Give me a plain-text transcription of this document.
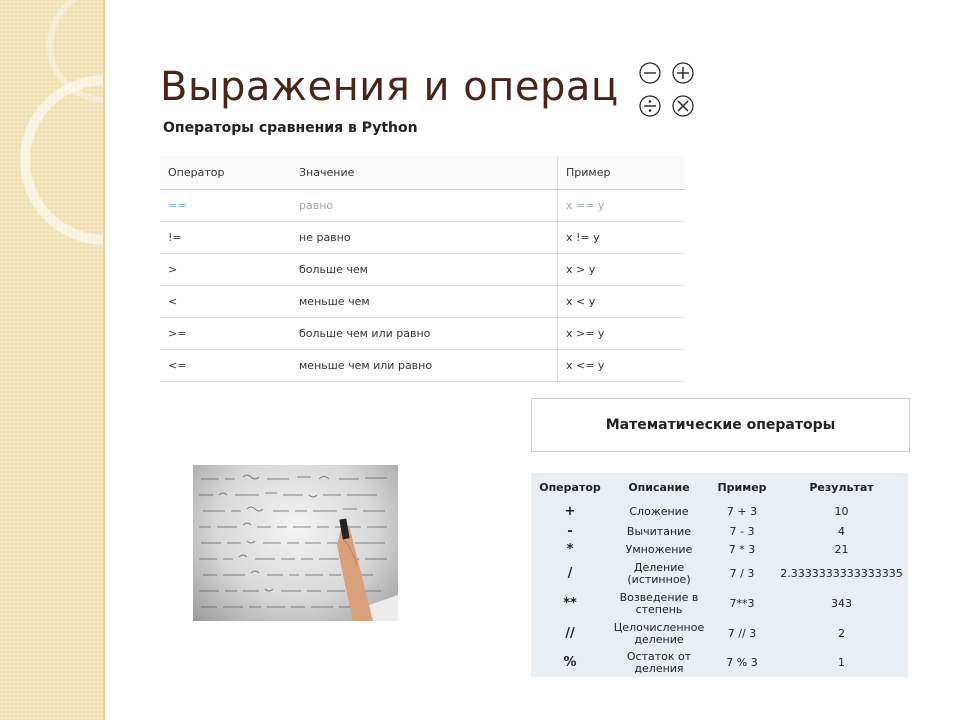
Выражения и операц
Операторы сравнения в Python
Оператор	Значение	Пример
==	равно	x == y
!=	не равно	x != y
>	больше чем	x > y
<	меньше чем	x < y
>=	больше чем или равно	x >= y
<=	меньше чем или равно	x <= y
Математические операторы
Оператор	Описание	Пример	Результат
+	Сложение	7 + 3	10
-	Вычитание	7 - 3	4
*	Умножение	7 * 3	21
/	Деление (истинное)	7 / 3	2.3333333333333335
**	Возведение в степень	7**3	343
//	Целочисленное деление	7 // 3	2
%	Остаток от деления	7 % 3	1
